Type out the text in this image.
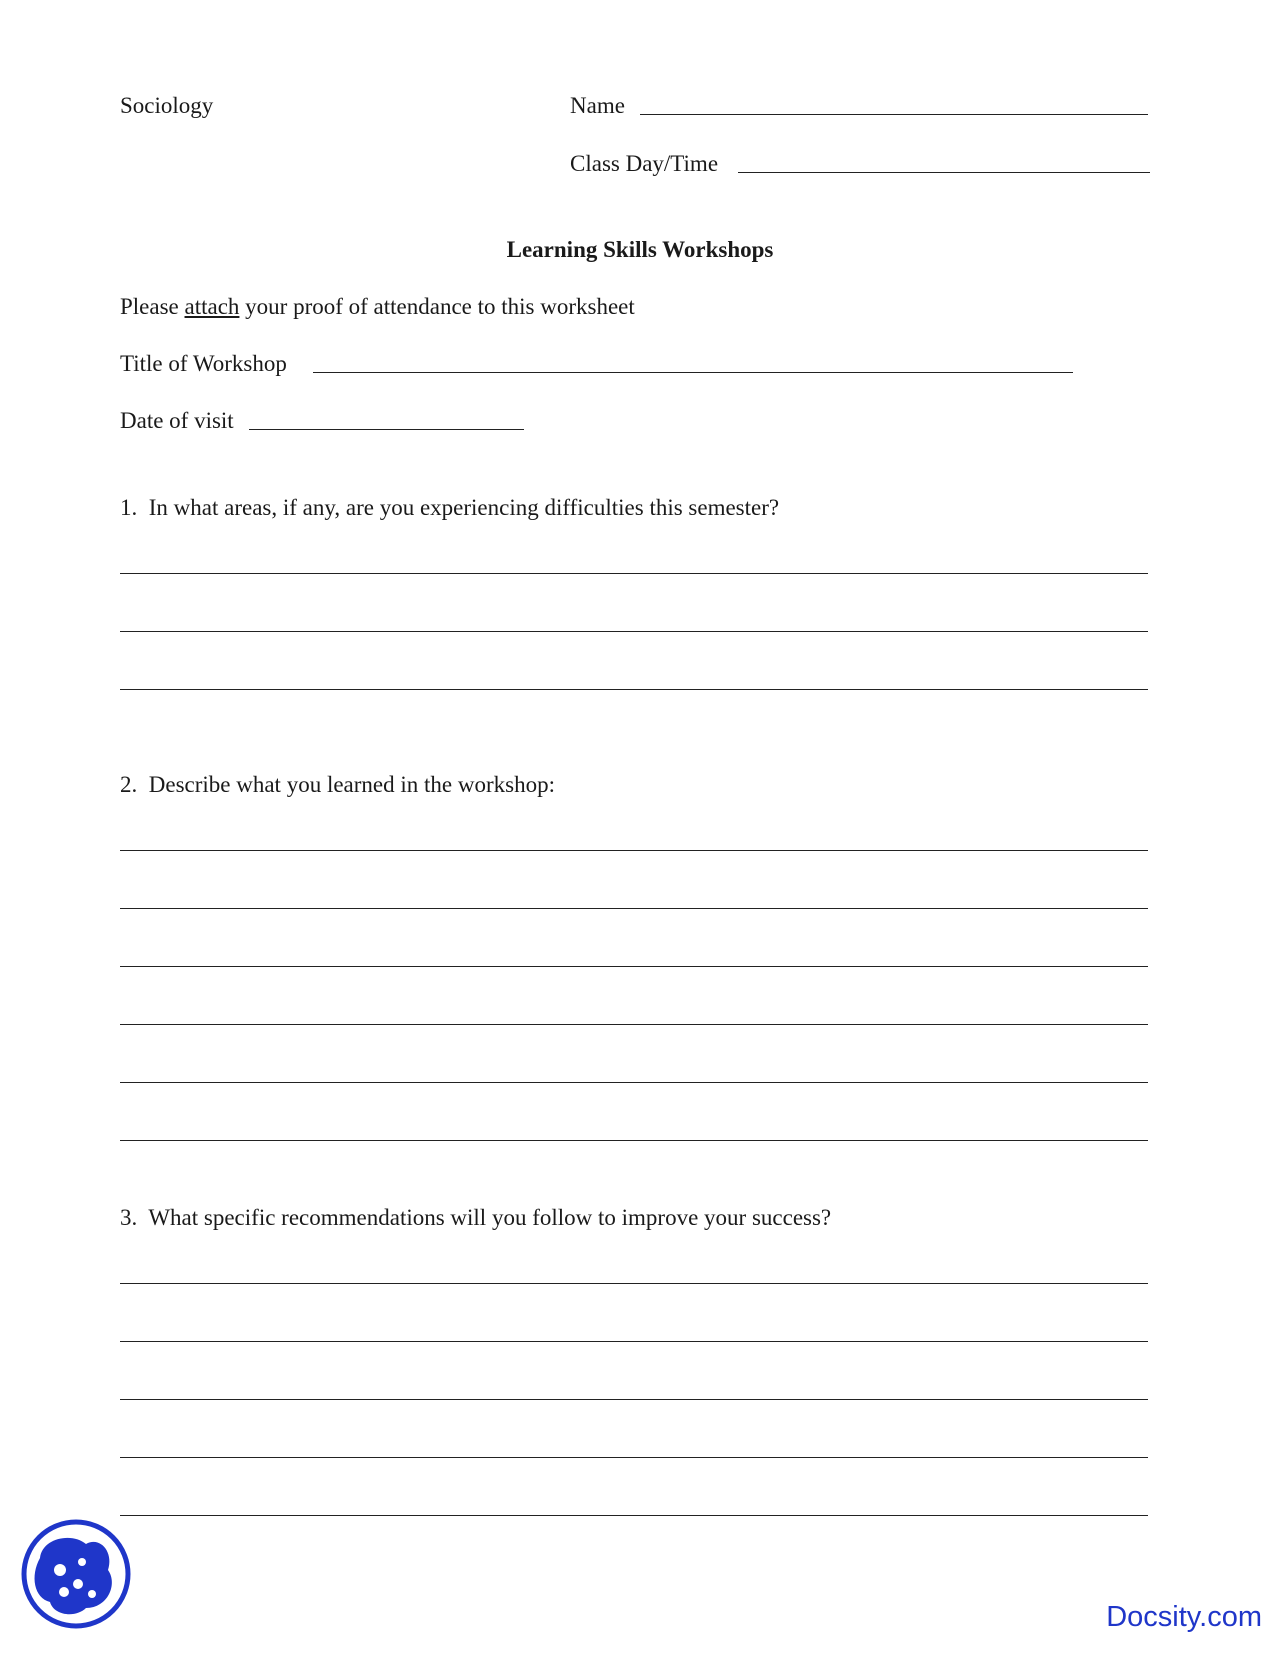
Sociology	Name
Class Day/Time
Learning Skills Workshops
Please attach your proof of attendance to this worksheet
Title of Workshop
Date of visit
1. In what areas, if any, are you experiencing difficulties this semester?
2. Describe what you learned in the workshop:
3. What specific recommendations will you follow to improve your success?
Docsity.com
